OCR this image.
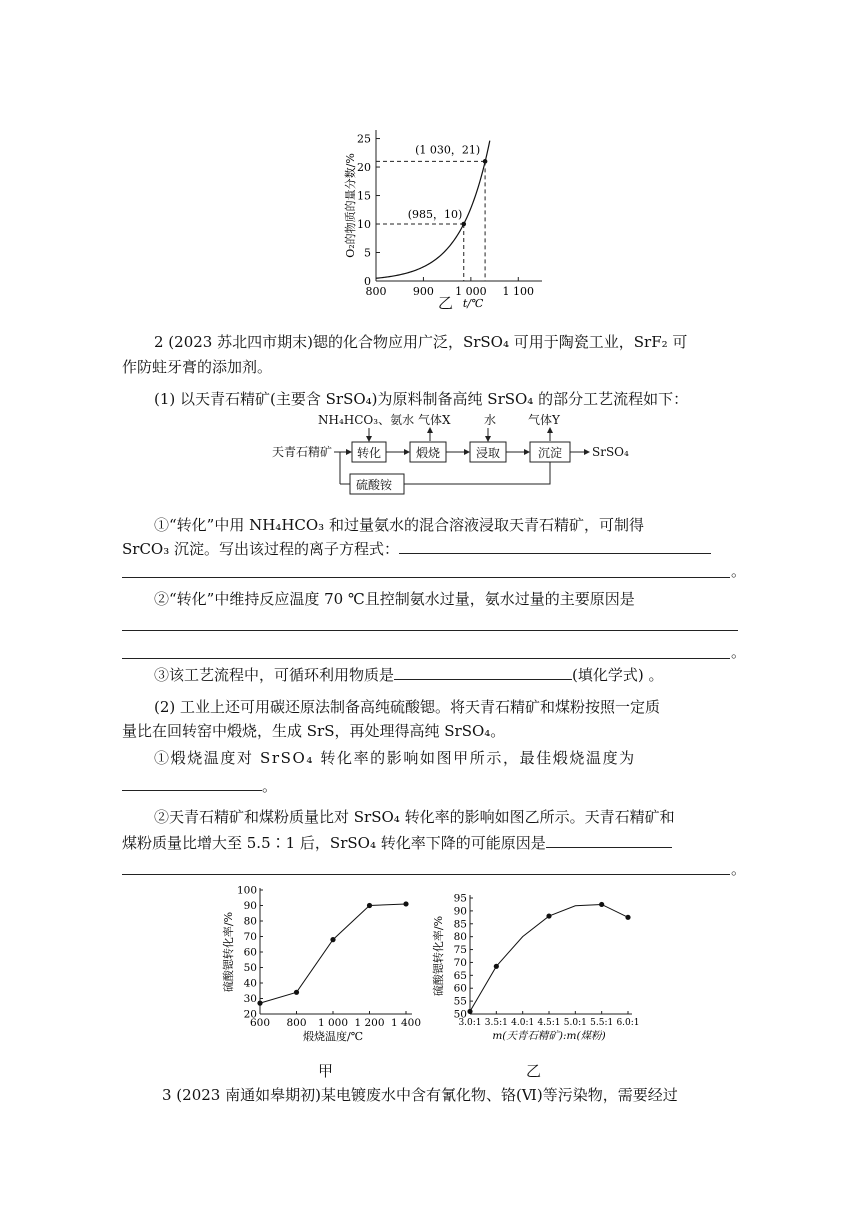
800 900 1 000 1 100
0
5
10
15
20
25
(985，10)
(1 030，21)
t/℃
O₂的物质的量分数/%
乙
2 (2023 苏北四市期末)锶的化合物应用广泛，SrSO₄ 可用于陶瓷工业，SrF₂ 可
作防蛀牙膏的添加剂。
(1) 以天青石精矿(主要含 SrSO₄)为原料制备高纯 SrSO₄ 的部分工艺流程如下：
NH₄HCO₃、氨水 气体X	水	气体Y
天青石精矿	SrSO₄
转化	煅烧	浸取	沉淀
硫酸铵
①“转化”中用 NH₄HCO₃ 和过量氨水的混合溶液浸取天青石精矿，可制得
SrCO₃ 沉淀。写出该过程的离子方程式：
。
②“转化”中维持反应温度 70 ℃且控制氨水过量，氨水过量的主要原因是
。
③该工艺流程中，可循环利用物质是	(填化学式) 。
(2) 工业上还可用碳还原法制备高纯硫酸锶。将天青石精矿和煤粉按照一定质
量比在回转窑中煅烧，生成 SrS，再处理得高纯 SrSO₄。
①煅烧温度对 SrSO₄ 转化率的影响如图甲所示，最佳煅烧温度为
。
②天青石精矿和煤粉质量比对 SrSO₄ 转化率的影响如图乙所示。天青石精矿和
煤粉质量比增大至 5.5∶1 后，SrSO₄ 转化率下降的可能原因是
。
600 800 1 000 1 200 1 400
20
30
40
50
60
70
80
90
100
煅烧温度/℃
硫酸锶转化率/%
甲
3.0:1 3.5:1 4.0:1 4.5:1 5.0:1 5.5:1 6.0:1
50
55
60
65
70
75
80
85
90
95
m(天青石精矿):m(煤粉)
硫酸锶转化率/%
乙
3 (2023 南通如皋期初)某电镀废水中含有氰化物、铬(Ⅵ)等污染物，需要经过
